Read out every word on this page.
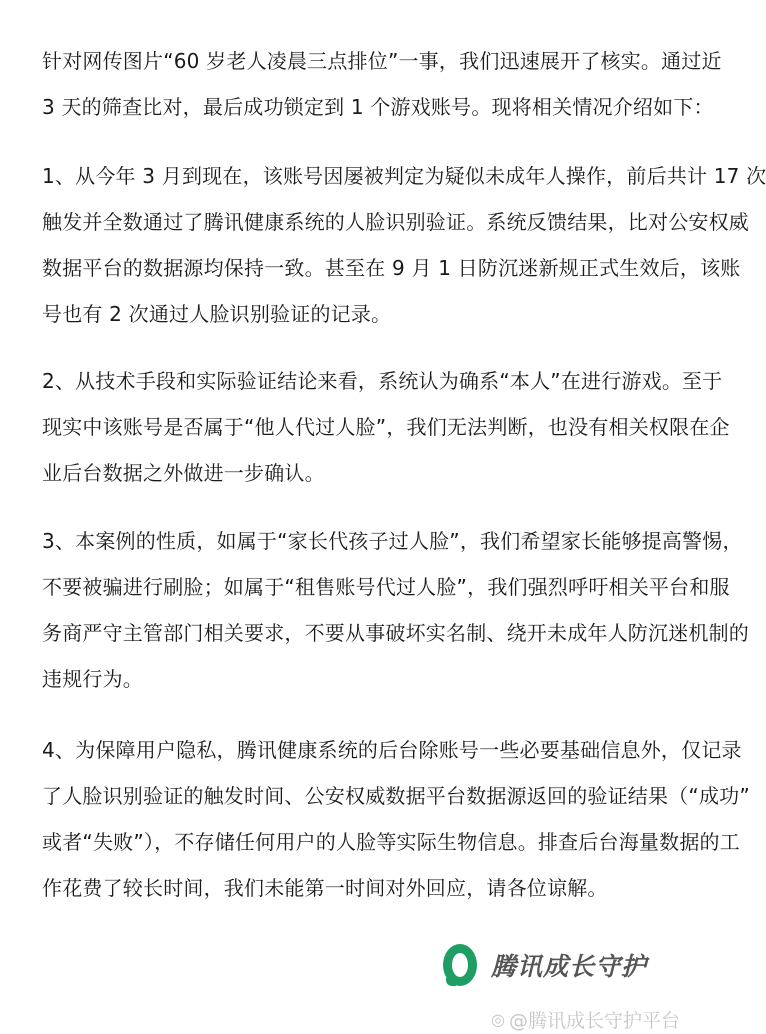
针对网传图片“60 岁老人凌晨三点排位”一事，我们迅速展开了核实。通过近
3 天的筛查比对，最后成功锁定到 1 个游戏账号。现将相关情况介绍如下：
1、从今年 3 月到现在，该账号因屡被判定为疑似未成年人操作，前后共计 17 次
触发并全数通过了腾讯健康系统的人脸识别验证。系统反馈结果，比对公安权威
数据平台的数据源均保持一致。甚至在 9 月 1 日防沉迷新规正式生效后，该账
号也有 2 次通过人脸识别验证的记录。
2、从技术手段和实际验证结论来看，系统认为确系“本人”在进行游戏。至于
现实中该账号是否属于“他人代过人脸”，我们无法判断，也没有相关权限在企
业后台数据之外做进一步确认。
3、本案例的性质，如属于“家长代孩子过人脸”，我们希望家长能够提高警惕，
不要被骗进行刷脸；如属于“租售账号代过人脸”，我们强烈呼吁相关平台和服
务商严守主管部门相关要求，不要从事破坏实名制、绕开未成年人防沉迷机制的
违规行为。
4、为保障用户隐私，腾讯健康系统的后台除账号一些必要基础信息外，仅记录
了人脸识别验证的触发时间、公安权威数据平台数据源返回的验证结果（“成功”
或者“失败”），不存储任何用户的人脸等实际生物信息。排查后台海量数据的工
作花费了较长时间，我们未能第一时间对外回应，请各位谅解。
腾讯成长守护
◎ @腾讯成长守护平台
